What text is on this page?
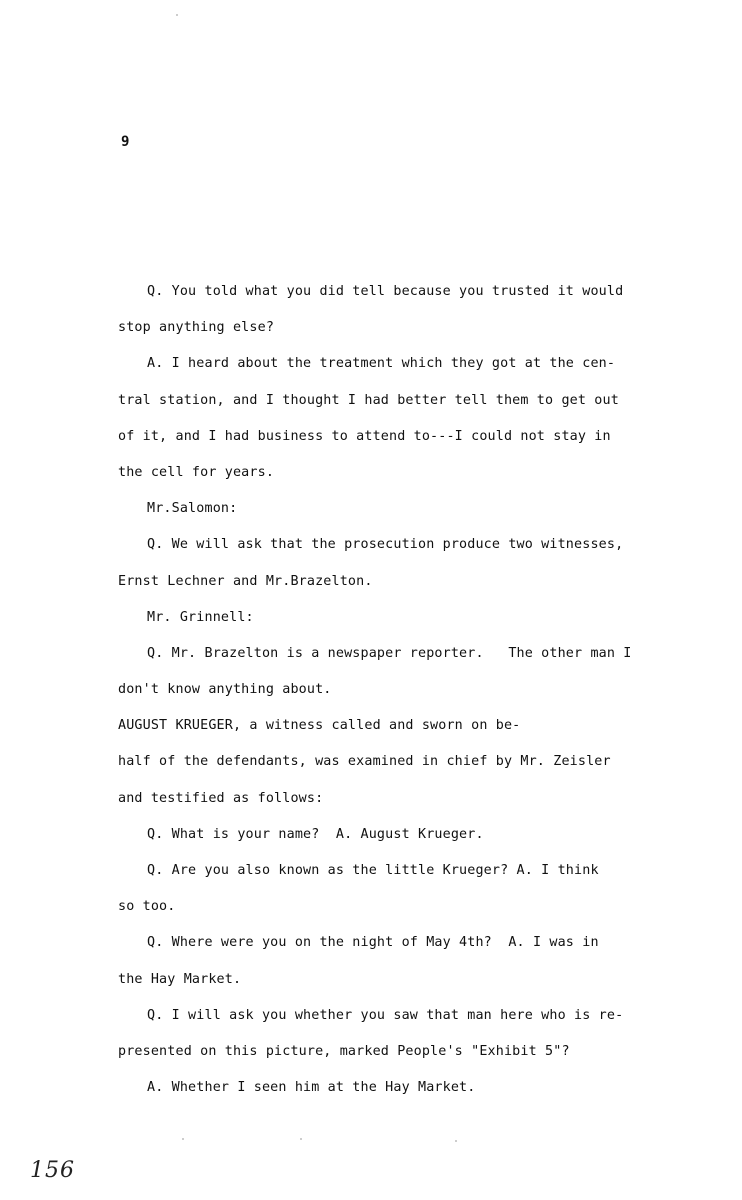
9
Q. You told what you did tell because you trusted it would
stop anything else?
A. I heard about the treatment which they got at the cen-
tral station, and I thought I had better tell them to get out
of it, and I had business to attend to---I could not stay in
the cell for years.
Mr.Salomon:
Q. We will ask that the prosecution produce two witnesses,
Ernst Lechner and Mr.Brazelton.
Mr. Grinnell:
Q. Mr. Brazelton is a newspaper reporter.   The other man I
don't know anything about.
AUGUST KRUEGER, a witness called and sworn on be-
half of the defendants, was examined in chief by Mr. Zeisler
and testified as follows:
Q. What is your name?  A. August Krueger.
Q. Are you also known as the little Krueger? A. I think
so too.
Q. Where were you on the night of May 4th?  A. I was in
the Hay Market.
Q. I will ask you whether you saw that man here who is re-
presented on this picture, marked People's "Exhibit 5"?
A. Whether I seen him at the Hay Market.
156
